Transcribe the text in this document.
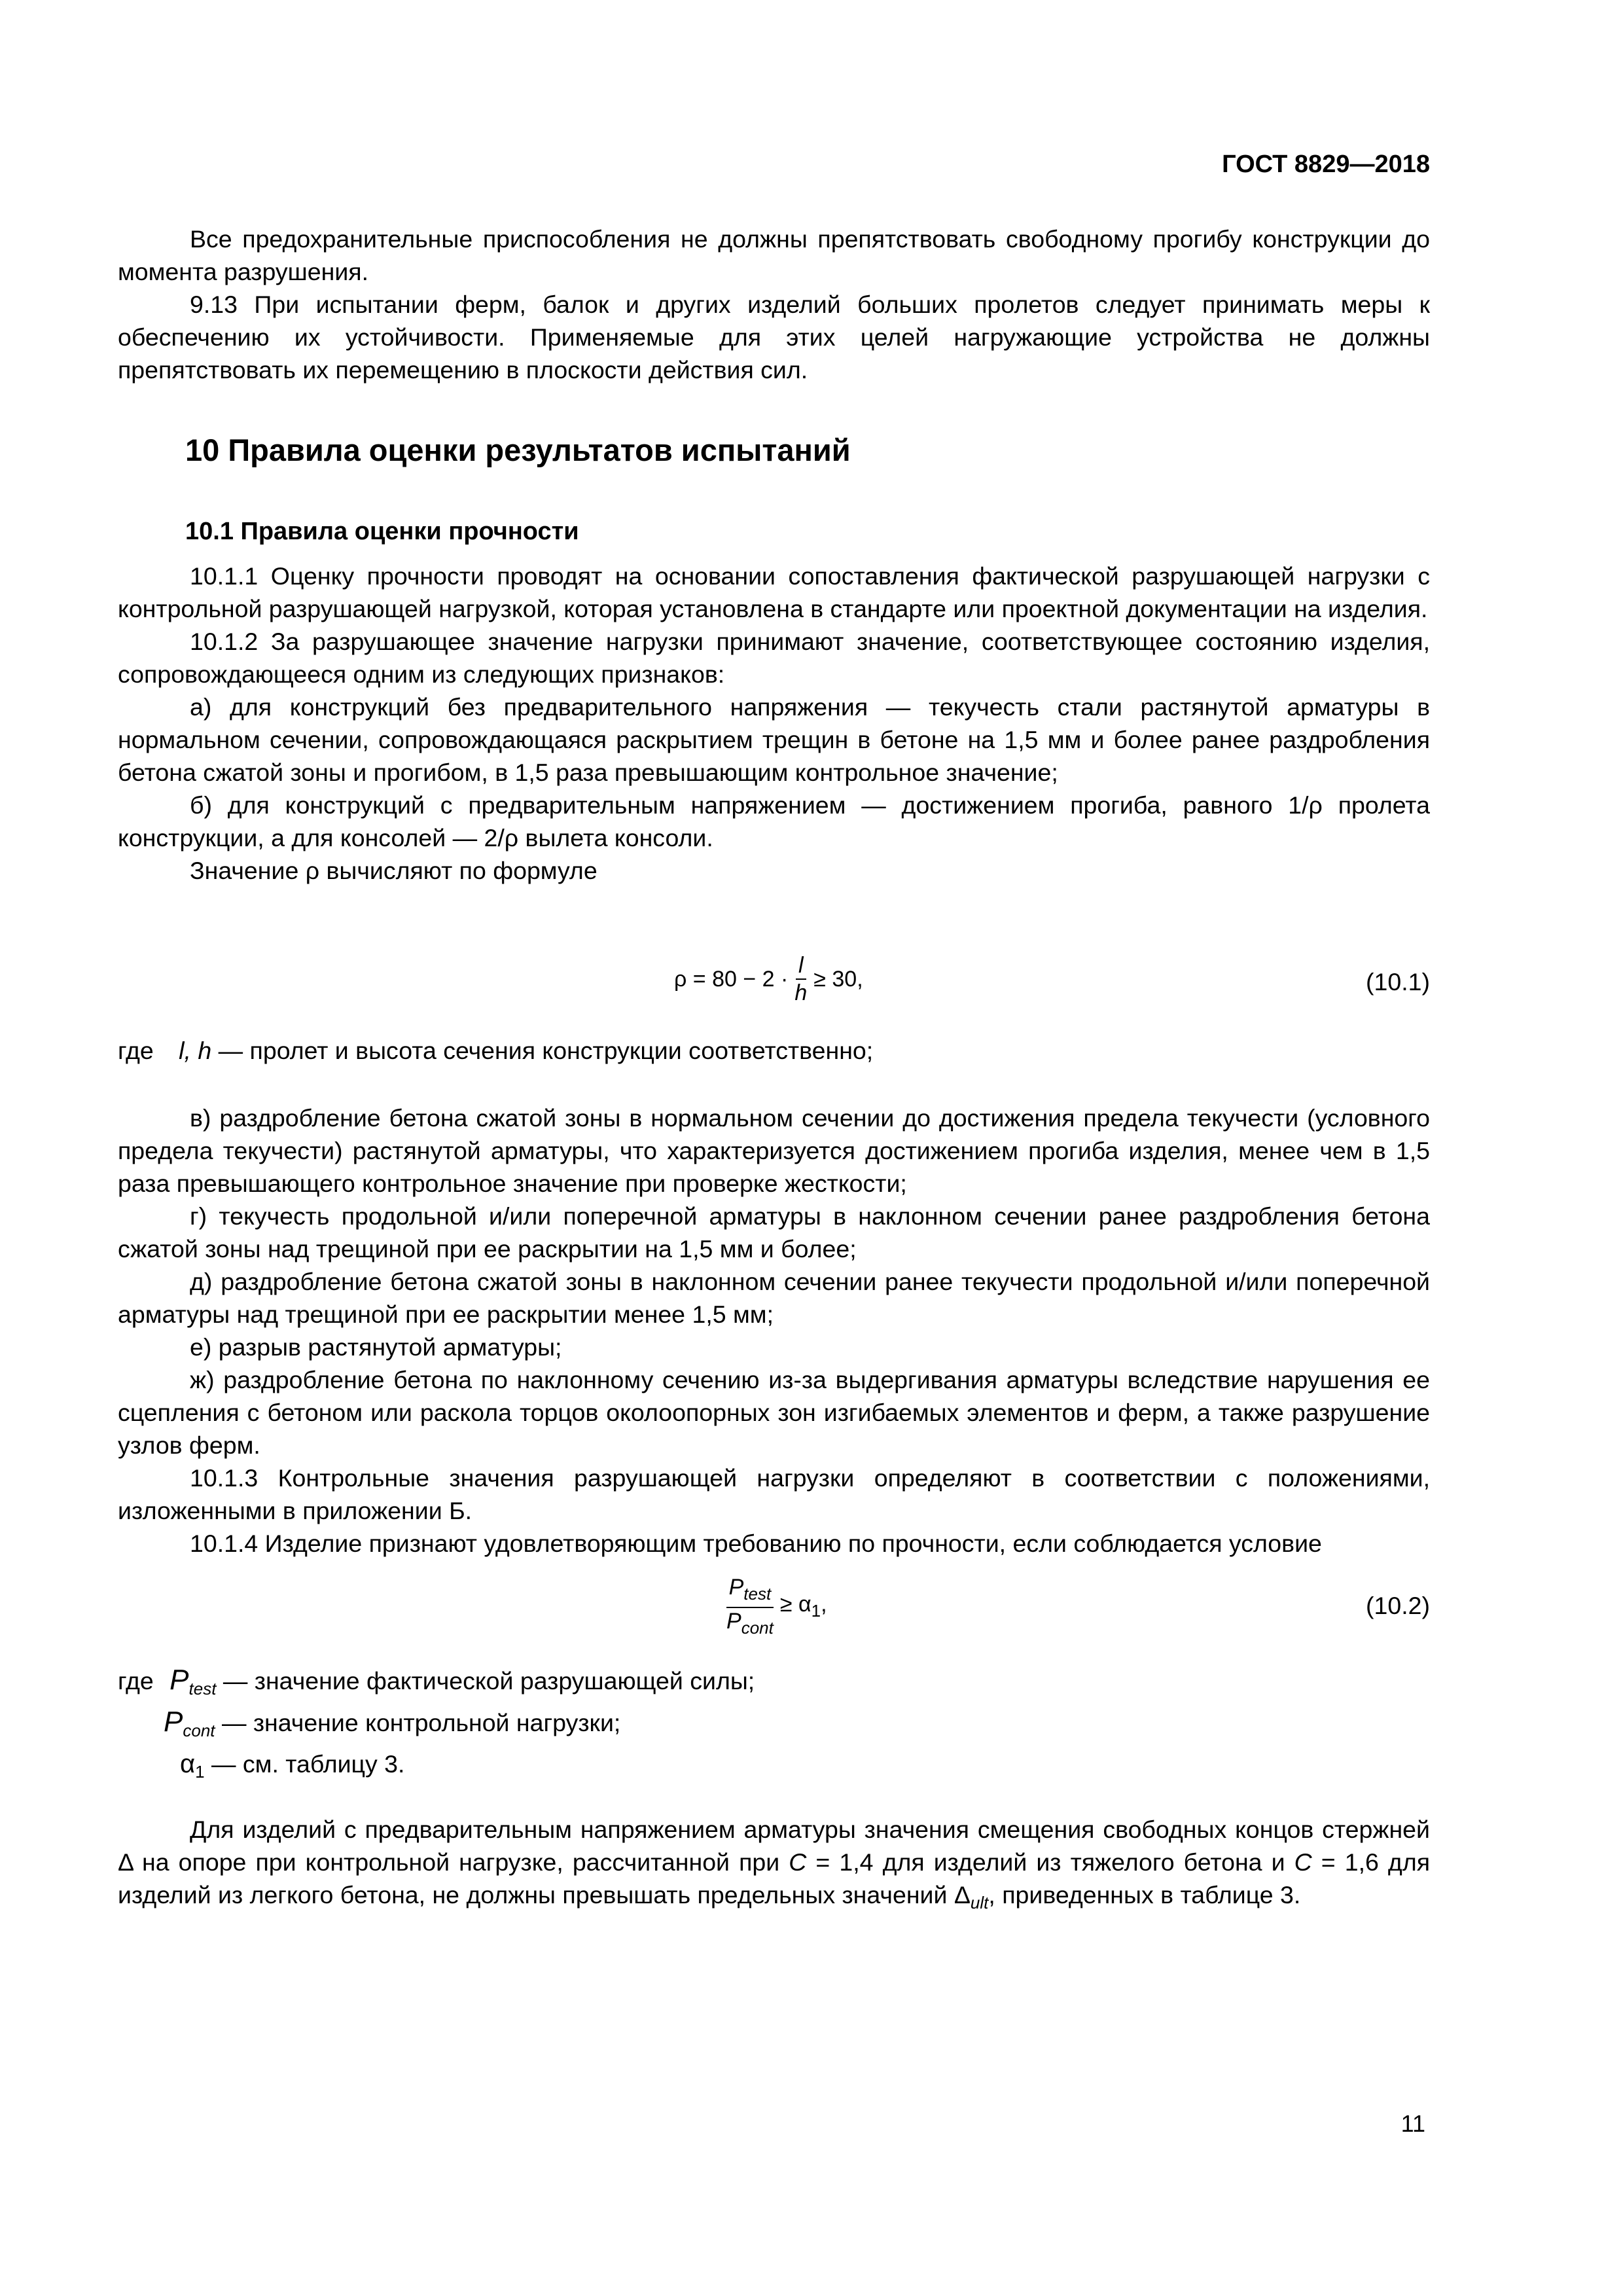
ГОСТ 8829—2018

Все предохранительные приспособления не должны препятствовать свободному прогибу конструкции до момента разрушения.

9.13 При испытании ферм, балок и других изделий больших пролетов следует принимать меры к обеспечению их устойчивости. Применяемые для этих целей нагружающие устройства не должны препятствовать их перемещению в плоскости действия сил.

10 Правила оценки результатов испытаний
10.1 Правила оценки прочности

10.1.1 Оценку прочности проводят на основании сопоставления фактической разрушающей нагрузки с контрольной разрушающей нагрузкой, которая установлена в стандарте или проектной документации на изделия.

10.1.2 За разрушающее значение нагрузки принимают значение, соответствующее состоянию изделия, сопровождающееся одним из следующих признаков:

а) для конструкций без предварительного напряжения — текучесть стали растянутой арматуры в нормальном сечении, сопровождающаяся раскрытием трещин в бетоне на 1,5 мм и более ранее раздробления бетона сжатой зоны и прогибом, в 1,5 раза превышающим контрольное значение;

б) для конструкций с предварительным напряжением — достижением прогиба, равного 1/ρ пролета конструкции, а для консолей — 2/ρ вылета консоли.

Значение ρ вычисляют по формуле

$\rho = 80 - 2 \cdot \frac{l}{h} \ge 30$,	(10.1)
где l, h — пролет и высота сечения конструкции соответственно;

в) раздробление бетона сжатой зоны в нормальном сечении до достижения предела текучести (условного предела текучести) растянутой арматуры, что характеризуется достижением прогиба изделия, менее чем в 1,5 раза превышающего контрольное значение при проверке жесткости;

г) текучесть продольной и/или поперечной арматуры в наклонном сечении ранее раздробления бетона сжатой зоны над трещиной при ее раскрытии на 1,5 мм и более;

д) раздробление бетона сжатой зоны в наклонном сечении ранее текучести продольной и/или поперечной арматуры над трещиной при ее раскрытии менее 1,5 мм;

е) разрыв растянутой арматуры;

ж) раздробление бетона по наклонному сечению из-за выдергивания арматуры вследствие нарушения ее сцепления с бетоном или раскола торцов околоопорных зон изгибаемых элементов и ферм, а также разрушение узлов ферм.

10.1.3 Контрольные значения разрушающей нагрузки определяют в соответствии с положениями, изложенными в приложении Б.

10.1.4 Изделие признают удовлетворяющим требованию по прочности, если соблюдается условие

$\frac{P_{test}}{P_{cont}} \ge \alpha_1$,	(10.2)
где $P_{test}$ — значение фактической разрушающей силы;
$P_{cont}$ — значение контрольной нагрузки;
$\alpha_1$ — см. таблицу 3.

Для изделий с предварительным напряжением арматуры значения смещения свободных концов стержней Δ на опоре при контрольной нагрузке, рассчитанной при C = 1,4 для изделий из тяжелого бетона и C = 1,6 для изделий из легкого бетона, не должны превышать предельных значений $\Delta_{ult}$, приведенных в таблице 3.

11
